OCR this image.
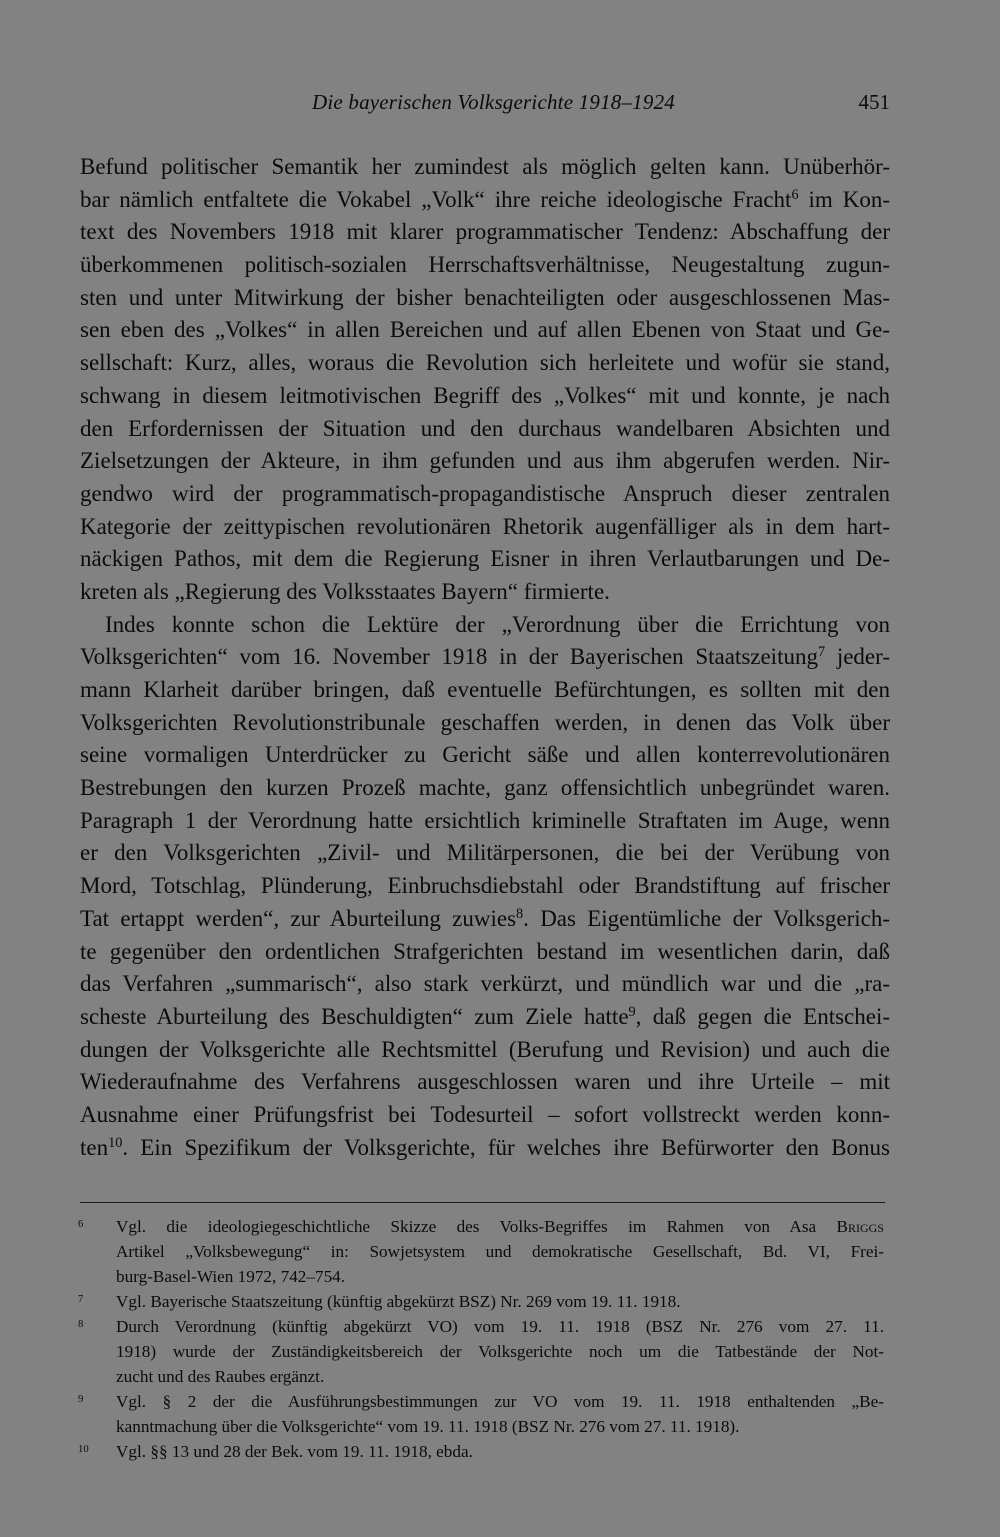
Die bayerischen Volksgerichte 1918–1924	451
Befund politischer Semantik her zumindest als möglich gelten kann. Unüberhör-
bar nämlich entfaltete die Vokabel „Volk“ ihre reiche ideologische Fracht$^6$ im Kon-
text des Novembers 1918 mit klarer programmatischer Tendenz: Abschaffung der
überkommenen politisch-sozialen Herrschaftsverhältnisse, Neugestaltung zugun-
sten und unter Mitwirkung der bisher benachteiligten oder ausgeschlossenen Mas-
sen eben des „Volkes“ in allen Bereichen und auf allen Ebenen von Staat und Ge-
sellschaft: Kurz, alles, woraus die Revolution sich herleitete und wofür sie stand,
schwang in diesem leitmotivischen Begriff des „Volkes“ mit und konnte, je nach
den Erfordernissen der Situation und den durchaus wandelbaren Absichten und
Zielsetzungen der Akteure, in ihm gefunden und aus ihm abgerufen werden. Nir-
gendwo wird der programmatisch-propagandistische Anspruch dieser zentralen
Kategorie der zeittypischen revolutionären Rhetorik augenfälliger als in dem hart-
näckigen Pathos, mit dem die Regierung Eisner in ihren Verlautbarungen und De-
kreten als „Regierung des Volksstaates Bayern“ firmierte.
Indes konnte schon die Lektüre der „Verordnung über die Errichtung von
Volksgerichten“ vom 16. November 1918 in der Bayerischen Staatszeitung$^7$ jeder-
mann Klarheit darüber bringen, daß eventuelle Befürchtungen, es sollten mit den
Volksgerichten Revolutionstribunale geschaffen werden, in denen das Volk über
seine vormaligen Unterdrücker zu Gericht säße und allen konterrevolutionären
Bestrebungen den kurzen Prozeß machte, ganz offensichtlich unbegründet waren.
Paragraph 1 der Verordnung hatte ersichtlich kriminelle Straftaten im Auge, wenn
er den Volksgerichten „Zivil- und Militärpersonen, die bei der Verübung von
Mord, Totschlag, Plünderung, Einbruchsdiebstahl oder Brandstiftung auf frischer
Tat ertappt werden“, zur Aburteilung zuwies$^8$. Das Eigentümliche der Volksgerich-
te gegenüber den ordentlichen Strafgerichten bestand im wesentlichen darin, daß
das Verfahren „summarisch“, also stark verkürzt, und mündlich war und die „ra-
scheste Aburteilung des Beschuldigten“ zum Ziele hatte$^9$, daß gegen die Entschei-
dungen der Volksgerichte alle Rechtsmittel (Berufung und Revision) und auch die
Wiederaufnahme des Verfahrens ausgeschlossen waren und ihre Urteile – mit
Ausnahme einer Prüfungsfrist bei Todesurteil – sofort vollstreckt werden konn-
ten$^{10}$. Ein Spezifikum der Volksgerichte, für welches ihre Befürworter den Bonus
$^6$ Vgl. die ideologiegeschichtliche Skizze des Volks-Begriffes im Rahmen von Asa Briggs
Artikel „Volksbewegung“ in: Sowjetsystem und demokratische Gesellschaft, Bd. VI, Frei-
burg-Basel-Wien 1972, 742–754.
$^7$ Vgl. Bayerische Staatszeitung (künftig abgekürzt BSZ) Nr. 269 vom 19. 11. 1918.
$^8$ Durch Verordnung (künftig abgekürzt VO) vom 19. 11. 1918 (BSZ Nr. 276 vom 27. 11.
1918) wurde der Zuständigkeitsbereich der Volksgerichte noch um die Tatbestände der Not-
zucht und des Raubes ergänzt.
$^9$ Vgl. § 2 der die Ausführungsbestimmungen zur VO vom 19. 11. 1918 enthaltenden „Be-
kanntmachung über die Volksgerichte“ vom 19. 11. 1918 (BSZ Nr. 276 vom 27. 11. 1918).
$^{10}$ Vgl. §§ 13 und 28 der Bek. vom 19. 11. 1918, ebda.
